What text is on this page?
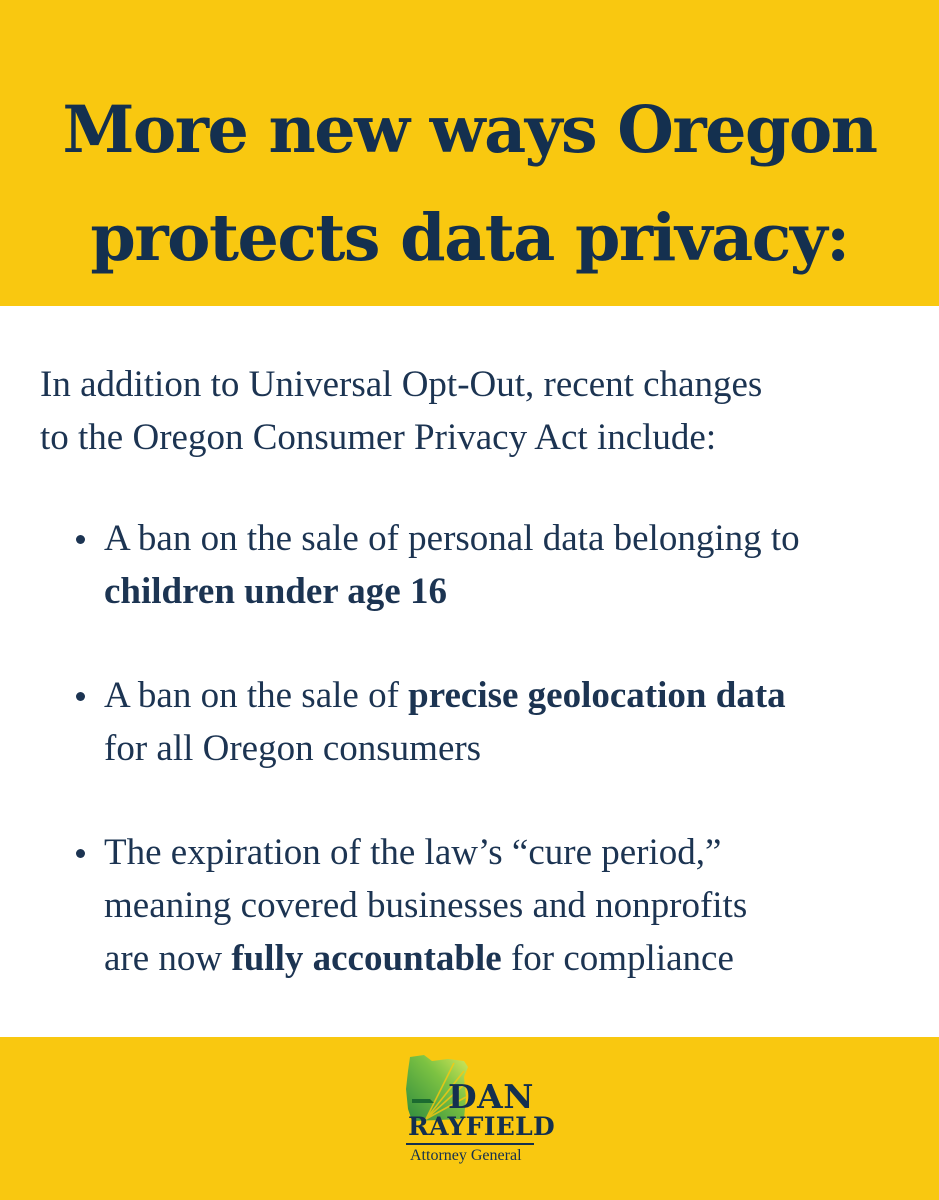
More new ways Oregon
protects data privacy:

In addition to Universal Opt-Out, recent changes
to the Oregon Consumer Privacy Act include:

A ban on the sale of personal data belonging to
children under age 16
A ban on the sale of precise geolocation data
for all Oregon consumers
The expiration of the law’s “cure period,”
meaning covered businesses and nonprofits
are now fully accountable for compliance
DAN
RAYFIELD
Attorney General
